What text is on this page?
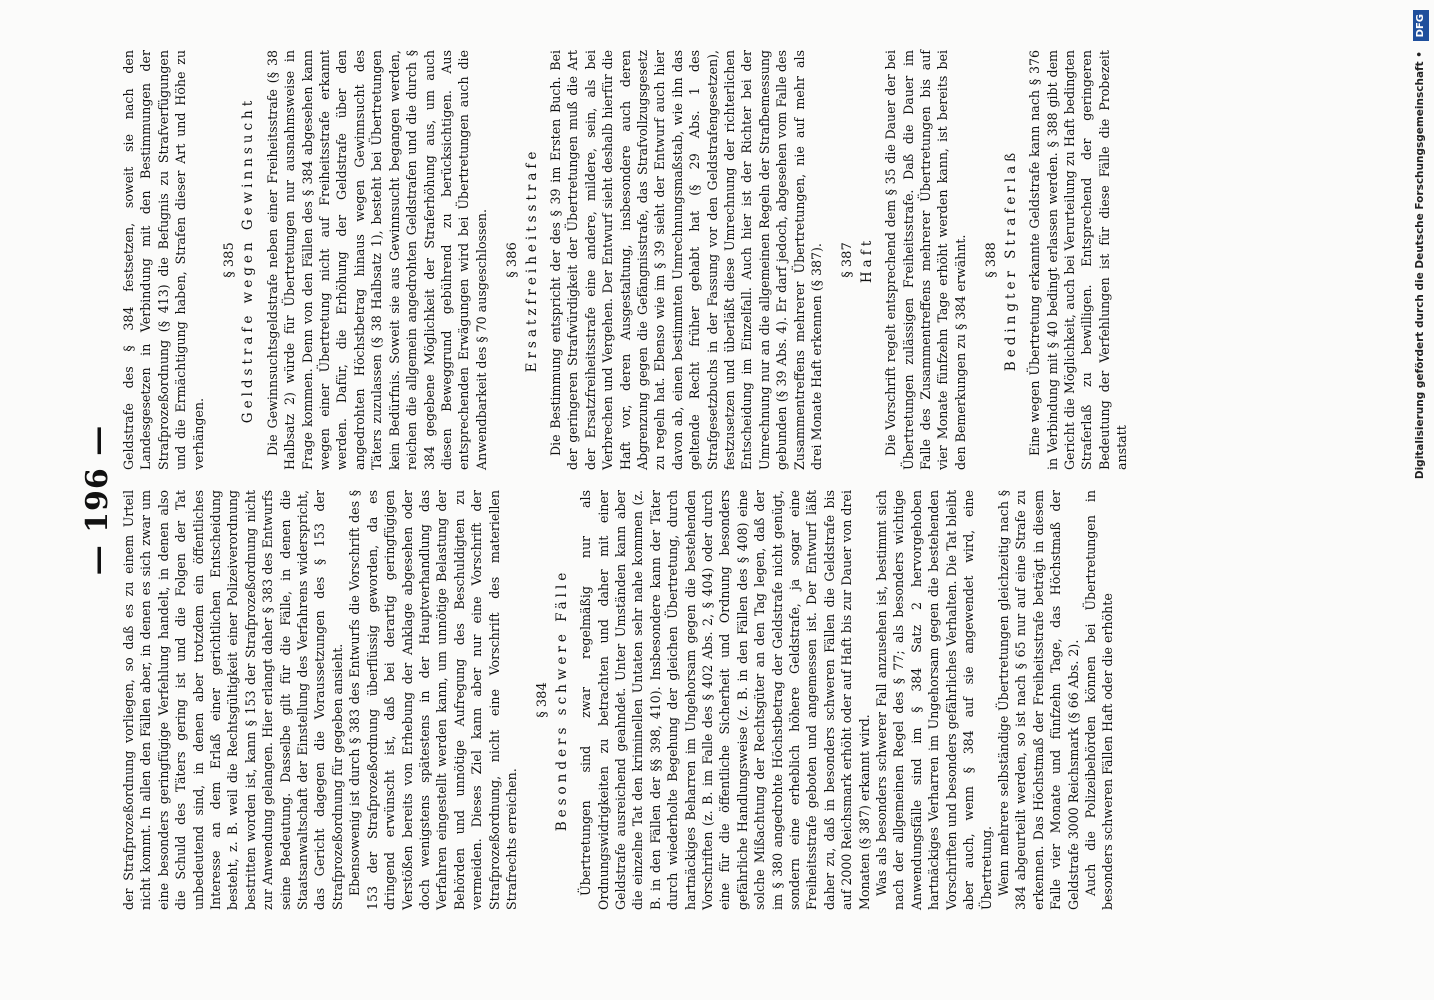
— 196 — der Strafprozeßordnung vorliegen, so daß es zu einem Urteil nicht kommt. In allen den Fällen aber, in denen es sich zwar um eine besonders geringfügige Verfehlung handelt, in denen also die Schuld des Täters gering ist und die Folgen der Tat unbedeutend sind, in denen aber trotzdem ein öffentliches Interesse an dem Erlaß einer gerichtlichen Entscheidung besteht, z. B. weil die Rechtsgültigkeit einer Polizeiverordnung bestritten worden ist, kann § 153 der Strafprozeßordnung nicht zur Anwendung gelangen. Hier erlangt daher § 383 des Entwurfs seine Bedeutung. Dasselbe gilt für die Fälle, in denen die Staatsanwaltschaft der Einstellung des Verfahrens widerspricht, das Gericht dagegen die Voraussetzungen des § 153 der Strafprozeßordnung für gegeben ansieht. Ebensowenig ist durch § 383 des Entwurfs die Vorschrift des § 153 der Strafprozeßordnung überflüssig geworden, da es dringend erwünscht ist, daß bei derartig geringfügigen Verstößen bereits von Erhebung der Anklage abgesehen oder doch wenigstens spätestens in der Hauptverhandlung das Verfahren eingestellt werden kann, um unnötige Belastung der Behörden und unnötige Aufregung des Beschuldigten zu vermeiden. Dieses Ziel kann aber nur eine Vorschrift der Strafprozeßordnung, nicht eine Vorschrift des materiellen Strafrechts erreichen.

§ 384 Besonders schwere Fälle Übertretungen sind zwar regelmäßig nur als Ordnungswidrigkeiten zu betrachten und daher mit einer Geldstrafe ausreichend geahndet. Unter Umständen kann aber die einzelne Tat den kriminellen Untaten sehr nahe kommen (z. B. in den Fällen der §§ 398, 410). Insbesondere kann der Täter durch wiederholte Begehung der gleichen Übertretung, durch hartnäckiges Beharren im Ungehorsam gegen die bestehenden Vorschriften (z. B. im Falle des § 402 Abs. 2, § 404) oder durch eine für die öffentliche Sicherheit und Ordnung besonders gefährliche Handlungsweise (z. B. in den Fällen des § 408) eine solche Mißachtung der Rechtsgüter an den Tag legen, daß der im § 380 angedrohte Höchstbetrag der Geldstrafe nicht genügt, sondern eine erheblich höhere Geldstrafe, ja sogar eine Freiheitsstrafe geboten und angemessen ist. Der Entwurf läßt daher zu, daß in besonders schweren Fällen die Geldstrafe bis auf 2000 Reichsmark erhöht oder auf Haft bis zur Dauer von drei Monaten (§ 387) erkannt wird. Was als besonders schwerer Fall anzusehen ist, bestimmt sich nach der allgemeinen Regel des § 77; als besonders wichtige Anwendungsfälle sind im § 384 Satz 2 hervorgehoben hartnäckiges Verharren im Ungehorsam gegen die bestehenden Vorschriften und besonders gefährliches Verhalten. Die Tat bleibt aber auch, wenn § 384 auf sie angewendet wird, eine Übertretung. Wenn mehrere selbständige Übertretungen gleichzeitig nach § 384 abgeurteilt werden, so ist nach § 65 nur auf eine Strafe zu erkennen. Das Höchstmaß der Freiheitsstrafe beträgt in diesem Falle vier Monate und fünfzehn Tage, das Höchstmaß der Geldstrafe 3000 Reichsmark (§ 66 Abs. 2). Auch die Polizeibehörden können bei Übertretungen in besonders schweren Fällen Haft oder die erhöhte

Geldstrafe des § 384 festsetzen, soweit sie nach den Landesgesetzen in Verbindung mit den Bestimmungen der Strafprozeßordnung (§ 413) die Befugnis zu Strafverfügungen und die Ermächtigung haben, Strafen dieser Art und Höhe zu verhängen.

§ 385 Geldstrafe wegen Gewinnsucht Die Gewinnsuchtsgeldstrafe neben einer Freiheitsstrafe (§ 38 Halbsatz 2) würde für Übertretungen nur ausnahmsweise in Frage kommen. Denn von den Fällen des § 384 abgesehen kann wegen einer Übertretung nicht auf Freiheitsstrafe erkannt werden. Dafür, die Erhöhung der Geldstrafe über den angedrohten Höchstbetrag hinaus wegen Gewinnsucht des Täters zuzulassen (§ 38 Halbsatz 1), besteht bei Übertretungen kein Bedürfnis. Soweit sie aus Gewinnsucht begangen werden, reichen die allgemein angedrohten Geldstrafen und die durch § 384 gegebene Möglichkeit der Straferhöhung aus, um auch diesen Beweggrund gebührend zu berücksichtigen. Aus entsprechenden Erwägungen wird bei Übertretungen auch die Anwendbarkeit des § 70 ausgeschlossen. § 386 Ersatzfreiheitsstrafe Die Bestimmung entspricht der des § 39 im Ersten Buch. Bei der geringeren Strafwürdigkeit der Übertretungen muß die Art der Ersatzfreiheitsstrafe eine andere, mildere, sein, als bei Verbrechen und Vergehen. Der Entwurf sieht deshalb hierfür die Haft vor, deren Ausgestaltung, insbesondere auch deren Abgrenzung gegen die Gefängnisstrafe, das Strafvollzugsgesetz zu regeln hat. Ebenso wie im § 39 sieht der Entwurf auch hier davon ab, einen bestimmten Umrechnungsmaßstab, wie ihn das geltende Recht früher gehabt hat (§ 29 Abs. 1 des Strafgesetzbuchs in der Fassung vor den Geldstrafengesetzen), festzusetzen und überläßt diese Umrechnung der richterlichen Entscheidung im Einzelfall. Auch hier ist der Richter bei der Umrechnung nur an die allgemeinen Regeln der Strafbemessung gebunden (§ 39 Abs. 4). Er darf jedoch, abgesehen vom Falle des Zusammentreffens mehrerer Übertretungen, nie auf mehr als drei Monate Haft erkennen (§ 387). § 387 Haft Die Vorschrift regelt entsprechend dem § 35 die Dauer der bei Übertretungen zulässigen Freiheitsstrafe. Daß die Dauer im Falle des Zusammentreffens mehrerer Übertretungen bis auf vier Monate fünfzehn Tage erhöht werden kann, ist bereits bei den Bemerkungen zu § 384 erwähnt. § 388 Bedingter Straferlaß Eine wegen Übertretung erkannte Geldstrafe kann nach § 376 in Verbindung mit § 40 bedingt erlassen werden. § 388 gibt dem Gericht die Möglichkeit, auch bei Verurteilung zu Haft bedingten Straferlaß zu bewilligen. Entsprechend der geringeren Bedeutung der Verfehlungen ist für diese Fälle die Probezeit anstatt	Digitalisierung gefördert durch die Deutsche Forschungsgemeinschaft • DFG
